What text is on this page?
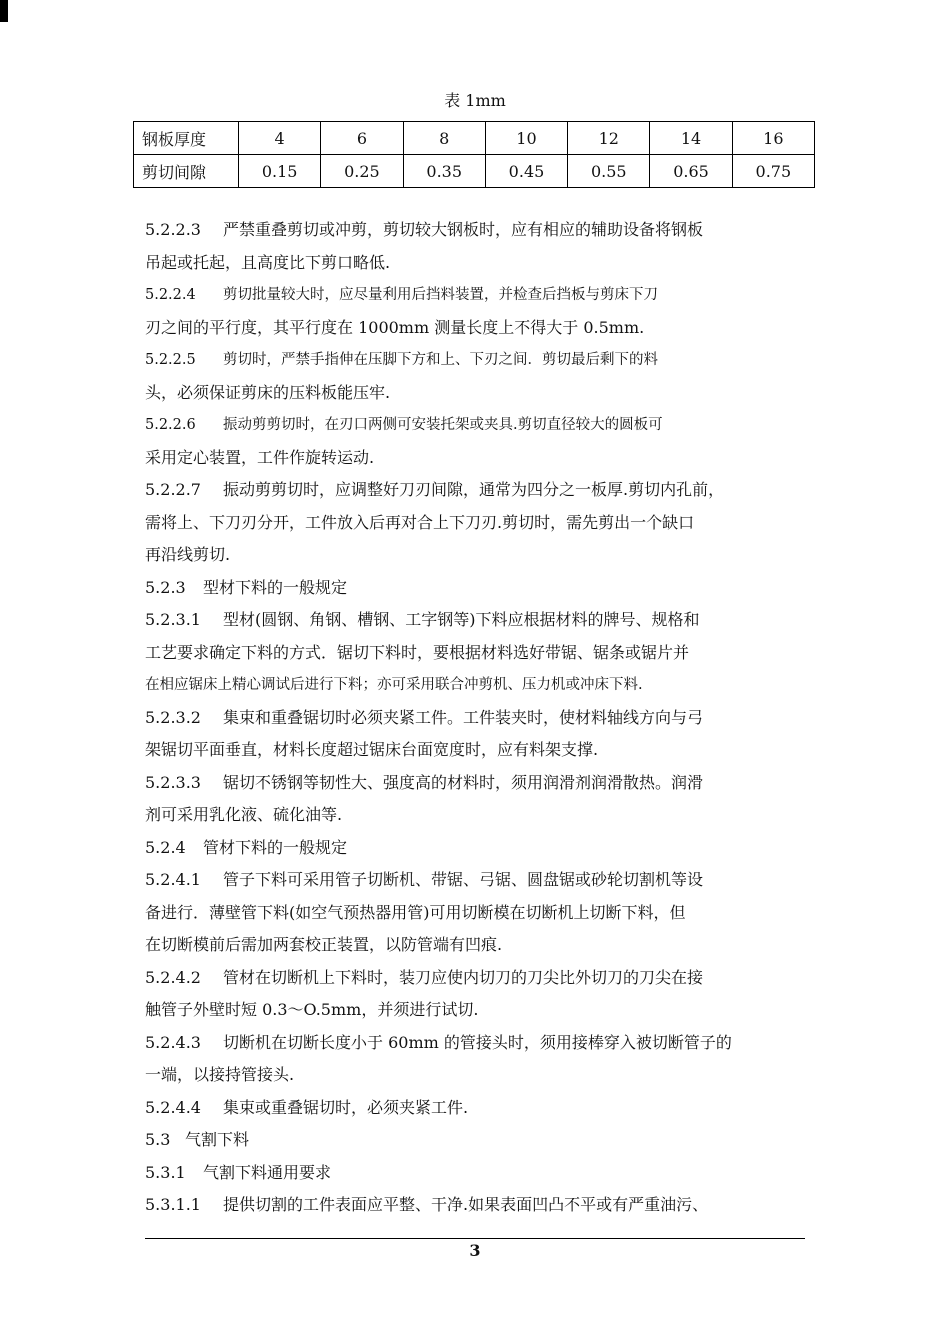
表 1mm
钢板厚度	4	6	8	10	12	14	16
剪切间隙	0.15	0.25	0.35	0.45	0.55	0.65	0.75
5.2.2.3 严禁重叠剪切或冲剪，剪切较大钢板时，应有相应的辅助设备将钢板
吊起或托起，且高度比下剪口略低.
5.2.2.4 剪切批量较大时，应尽量利用后挡料装置，并检查后挡板与剪床下刀
刃之间的平行度，其平行度在 1000mm 测量长度上不得大于 0.5mm.
5.2.2.5 剪切时，严禁手指伸在压脚下方和上、下刃之间．剪切最后剩下的料
头，必须保证剪床的压料板能压牢.
5.2.2.6 振动剪剪切时，在刃口两侧可安装托架或夹具.剪切直径较大的圆板可
采用定心装置，工件作旋转运动.
5.2.2.7 振动剪剪切时，应调整好刀刃间隙，通常为四分之一板厚.剪切内孔前，
需将上、下刀刃分开，工件放入后再对合上下刀刃.剪切时，需先剪出一个缺口
再沿线剪切.
5.2.3 型材下料的一般规定
5.2.3.1 型材(圆钢、角钢、槽钢、工字钢等)下料应根据材料的牌号、规格和
工艺要求确定下料的方式．锯切下料时，要根据材料选好带锯、锯条或锯片并
在相应锯床上精心调试后进行下料；亦可采用联合冲剪机、压力机或冲床下料.
5.2.3.2 集束和重叠锯切时必须夹紧工件。工件装夹时，使材料轴线方向与弓
架锯切平面垂直，材料长度超过锯床台面宽度时，应有料架支撑.
5.2.3.3 锯切不锈钢等韧性大、强度高的材料时，须用润滑剂润滑散热。润滑
剂可采用乳化液、硫化油等.
5.2.4 管材下料的一般规定
5.2.4.1 管子下料可采用管子切断机、带锯、弓锯、圆盘锯或砂轮切割机等设
备进行．薄壁管下料(如空气预热器用管)可用切断模在切断机上切断下料，但
在切断模前后需加两套校正装置，以防管端有凹痕.
5.2.4.2 管材在切断机上下料时，装刀应使内切刀的刀尖比外切刀的刀尖在接
触管子外壁时短 0.3～O.5mm，并须进行试切.
5.2.4.3 切断机在切断长度小于 60mm 的管接头时，须用接棒穿入被切断管子的
一端，以接持管接头.
5.2.4.4 集束或重叠锯切时，必须夹紧工件.
5.3 气割下料
5.3.1 气割下料通用要求
5.3.1.1 提供切割的工件表面应平整、干净.如果表面凹凸不平或有严重油污、
3
